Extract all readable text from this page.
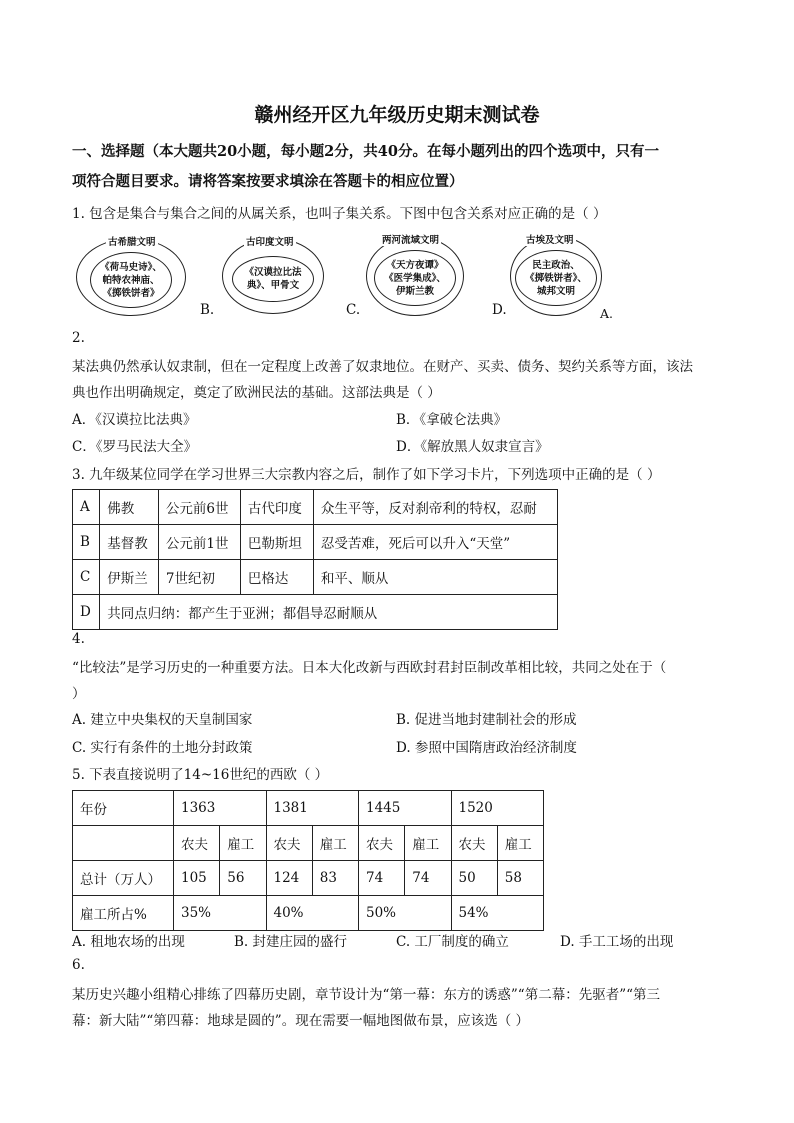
赣州经开区九年级历史期末测试卷
一、选择题（本大题共20小题，每小题2分，共40分。在每小题列出的四个选项中，只有一
项符合题目要求。请将答案按要求填涂在答题卡的相应位置）
1. 包含是集合与集合之间的从属关系，也叫子集关系。下图中包含关系对应正确的是（ ）
古希腊文明
《荷马史诗》、
帕特农神庙、
《掷铁饼者》
古印度文明
《汉谟拉比法
典》、甲骨文
B.
两河流域文明
《天方夜谭》
《医学集成》、
伊斯兰教
C.
古埃及文明
民主政治、
《掷铁饼者》、
城邦文明
D.	A.
2.
某法典仍然承认奴隶制，但在一定程度上改善了奴隶地位。在财产、买卖、债务、契约关系等方面，该法
典也作出明确规定，奠定了欧洲民法的基础。这部法典是（ ）
A．《汉谟拉比法典》	B．《拿破仑法典》
C．《罗马民法大全》	D．《解放黑人奴隶宣言》
3. 九年级某位同学在学习世界三大宗教内容之后，制作了如下学习卡片，下列选项中正确的是（ ）
A	佛教	公元前6世	古代印度	众生平等，反对刹帝利的特权，忍耐
B	基督教	公元前1世	巴勒斯坦	忍受苦难，死后可以升入“天堂”
C	伊斯兰	7世纪初	巴格达	和平、顺从
D	共同点归纳：都产生于亚洲；都倡导忍耐顺从			
4.
“比较法”是学习历史的一种重要方法。日本大化改新与西欧封君封臣制改革相比较，共同之处在于（
）
A. 建立中央集权的天皇制国家	B. 促进当地封建制社会的形成
C. 实行有条件的土地分封政策	D. 参照中国隋唐政治经济制度
5. 下表直接说明了14~16世纪的西欧（ ）
年份	1363		1381		1445		1520	
	农夫	雇工	农夫	雇工	农夫	雇工	农夫	雇工
总计（万人）	105	56	124	83	74	74	50	58
雇工所占%	35%		40%		50%		54%	
A. 租地农场的出现	B. 封建庄园的盛行	C. 工厂制度的确立	D. 手工工场的出现
6.
某历史兴趣小组精心排练了四幕历史剧，章节设计为“第一幕：东方的诱惑”“第二幕：先驱者”“第三
幕：新大陆”“第四幕：地球是圆的”。现在需要一幅地图做布景，应该选（ ）
